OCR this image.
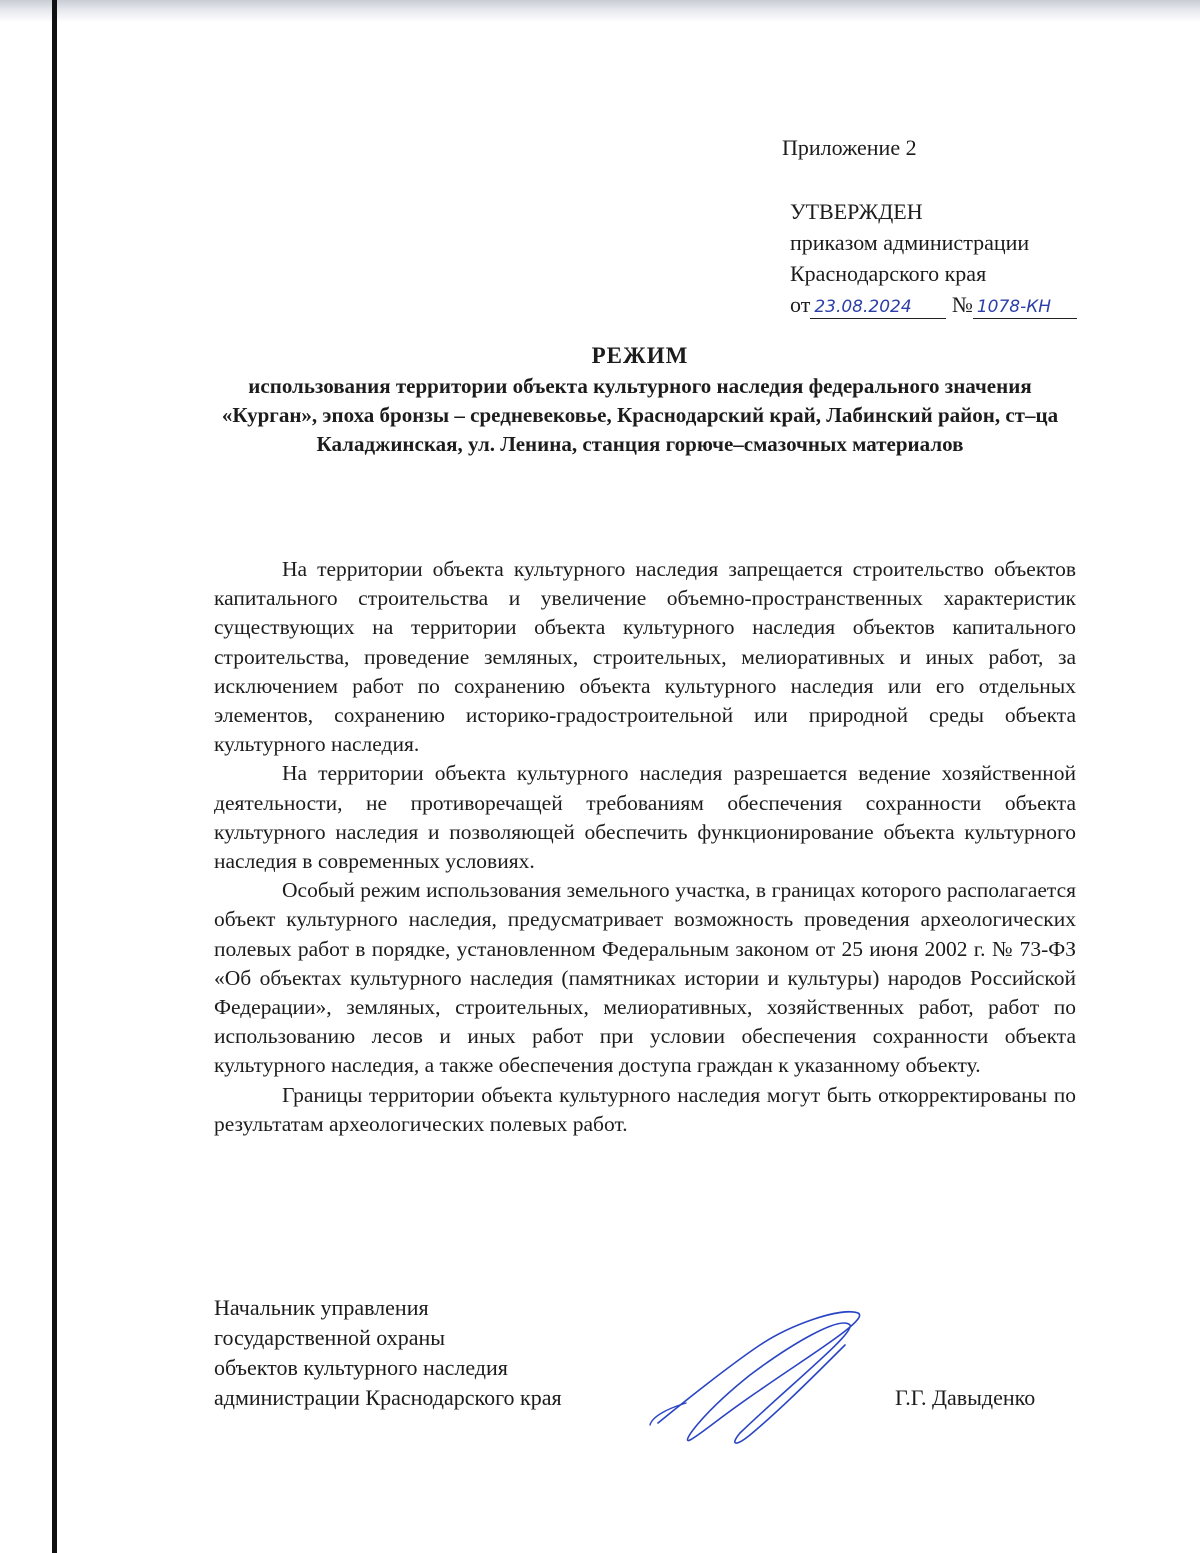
Приложение 2
УТВЕРЖДЕН
приказом администрации
Краснодарского края
от 23.08.2024 № 1078-КН
РЕЖИМ

использования территории объекта культурного наследия федерального значения «Курган», эпоха бронзы – средневековье, Краснодарский край, Лабинский район, ст–ца Каладжинская, ул. Ленина, станция горюче–смазочных материалов

На территории объекта культурного наследия запрещается строительство объектов капитального строительства и увеличение объемно-пространственных характеристик существующих на территории объекта культурного наследия объектов капитального строительства, проведение земляных, строительных, мелиоративных и иных работ, за исключением работ по сохранению объекта культурного наследия или его отдельных элементов, сохранению историко-градостроительной или природной среды объекта культурного наследия.

На территории объекта культурного наследия разрешается ведение хозяйственной деятельности, не противоречащей требованиям обеспечения сохранности объекта культурного наследия и позволяющей обеспечить функционирование объекта культурного наследия в современных условиях.

Особый режим использования земельного участка, в границах которого располагается объект культурного наследия, предусматривает возможность проведения археологических полевых работ в порядке, установленном Федеральным законом от 25 июня 2002 г. № 73-ФЗ «Об объектах культурного наследия (памятниках истории и культуры) народов Российской Федерации», земляных, строительных, мелиоративных, хозяйственных работ, работ по использованию лесов и иных работ при условии обеспечения сохранности объекта культурного наследия, а также обеспечения доступа граждан к указанному объекту.

Границы территории объекта культурного наследия могут быть откорректированы по результатам археологических полевых работ.

Начальник управления
государственной охраны
объектов культурного наследия
администрации Краснодарского края	Г.Г. Давыденко
